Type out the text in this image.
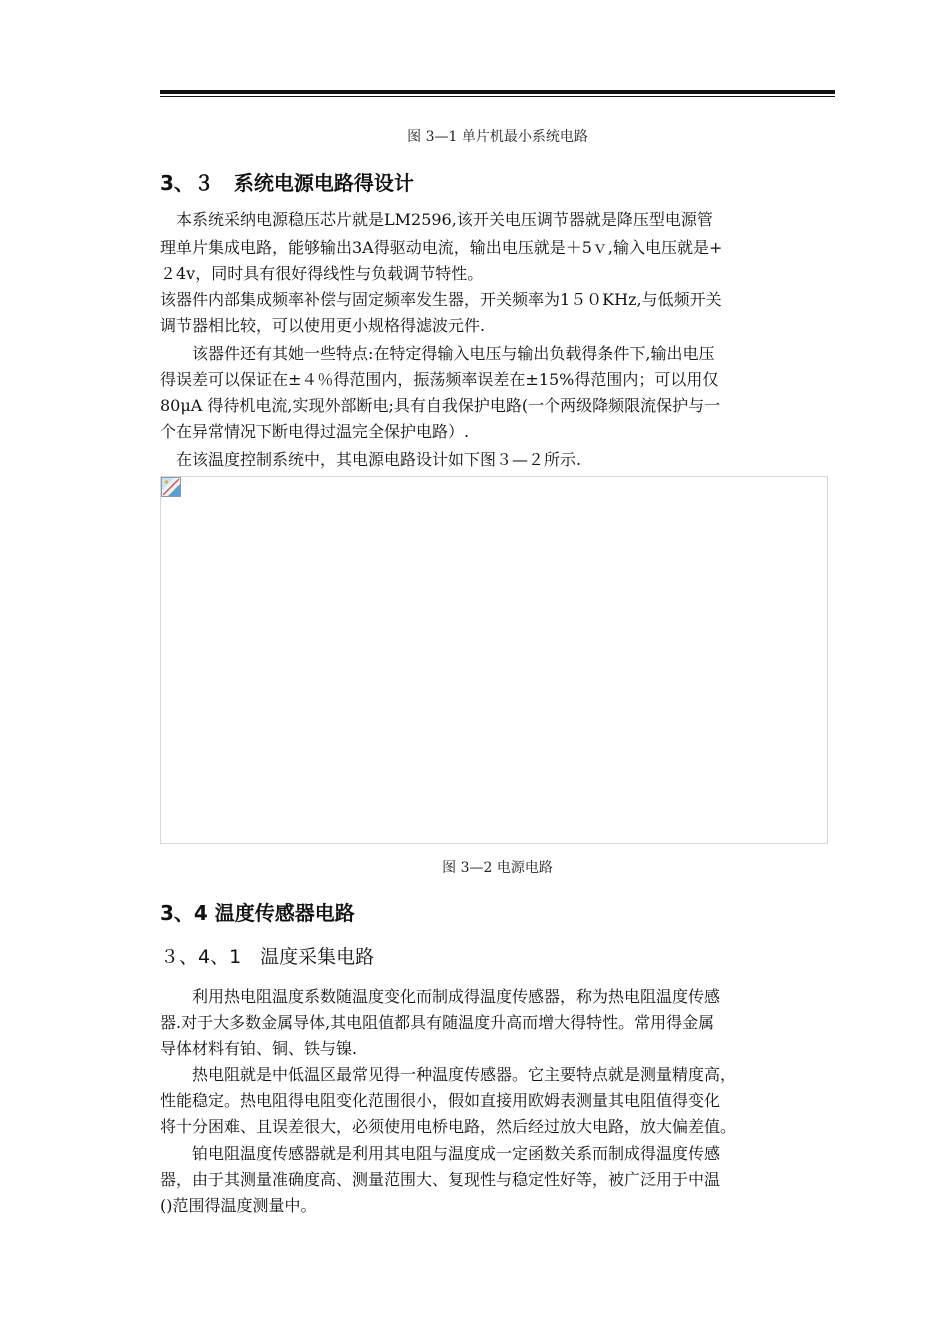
图 3—1 单片机最小系统电路
3、３　系统电源电路得设计
　本系统采纳电源稳压芯片就是LM2596,该开关电压调节器就是降压型电源管
理单片集成电路，能够输出3A得驱动电流，输出电压就是＋5ｖ,输入电压就是+
２4v，同时具有很好得线性与负载调节特性。
该器件内部集成频率补偿与固定频率发生器，开关频率为1５０KHz,与低频开关
调节器相比较，可以使用更小规格得滤波元件.
　　该器件还有其她一些特点:在特定得输入电压与输出负载得条件下,输出电压
得误差可以保证在±４％得范围内，振荡频率误差在±15%得范围内；可以用仅
80μA 得待机电流,实现外部断电;具有自我保护电路(一个两级降频限流保护与一
个在异常情况下断电得过温完全保护电路）.
　在该温度控制系统中，其电源电路设计如下图３—２所示.
图 3—2 电源电路
3、4 温度传感器电路
３、4、1　温度采集电路
　　利用热电阻温度系数随温度变化而制成得温度传感器，称为热电阻温度传感
器.对于大多数金属导体,其电阻值都具有随温度升高而增大得特性。常用得金属
导体材料有铂、铜、铁与镍.
　　热电阻就是中低温区最常见得一种温度传感器。它主要特点就是测量精度高，
性能稳定。热电阻得电阻变化范围很小，假如直接用欧姆表测量其电阻值得变化
将十分困难、且误差很大，必须使用电桥电路，然后经过放大电路，放大偏差值。
　　铂电阻温度传感器就是利用其电阻与温度成一定函数关系而制成得温度传感
器，由于其测量准确度高、测量范围大、复现性与稳定性好等，被广泛用于中温
()范围得温度测量中。
